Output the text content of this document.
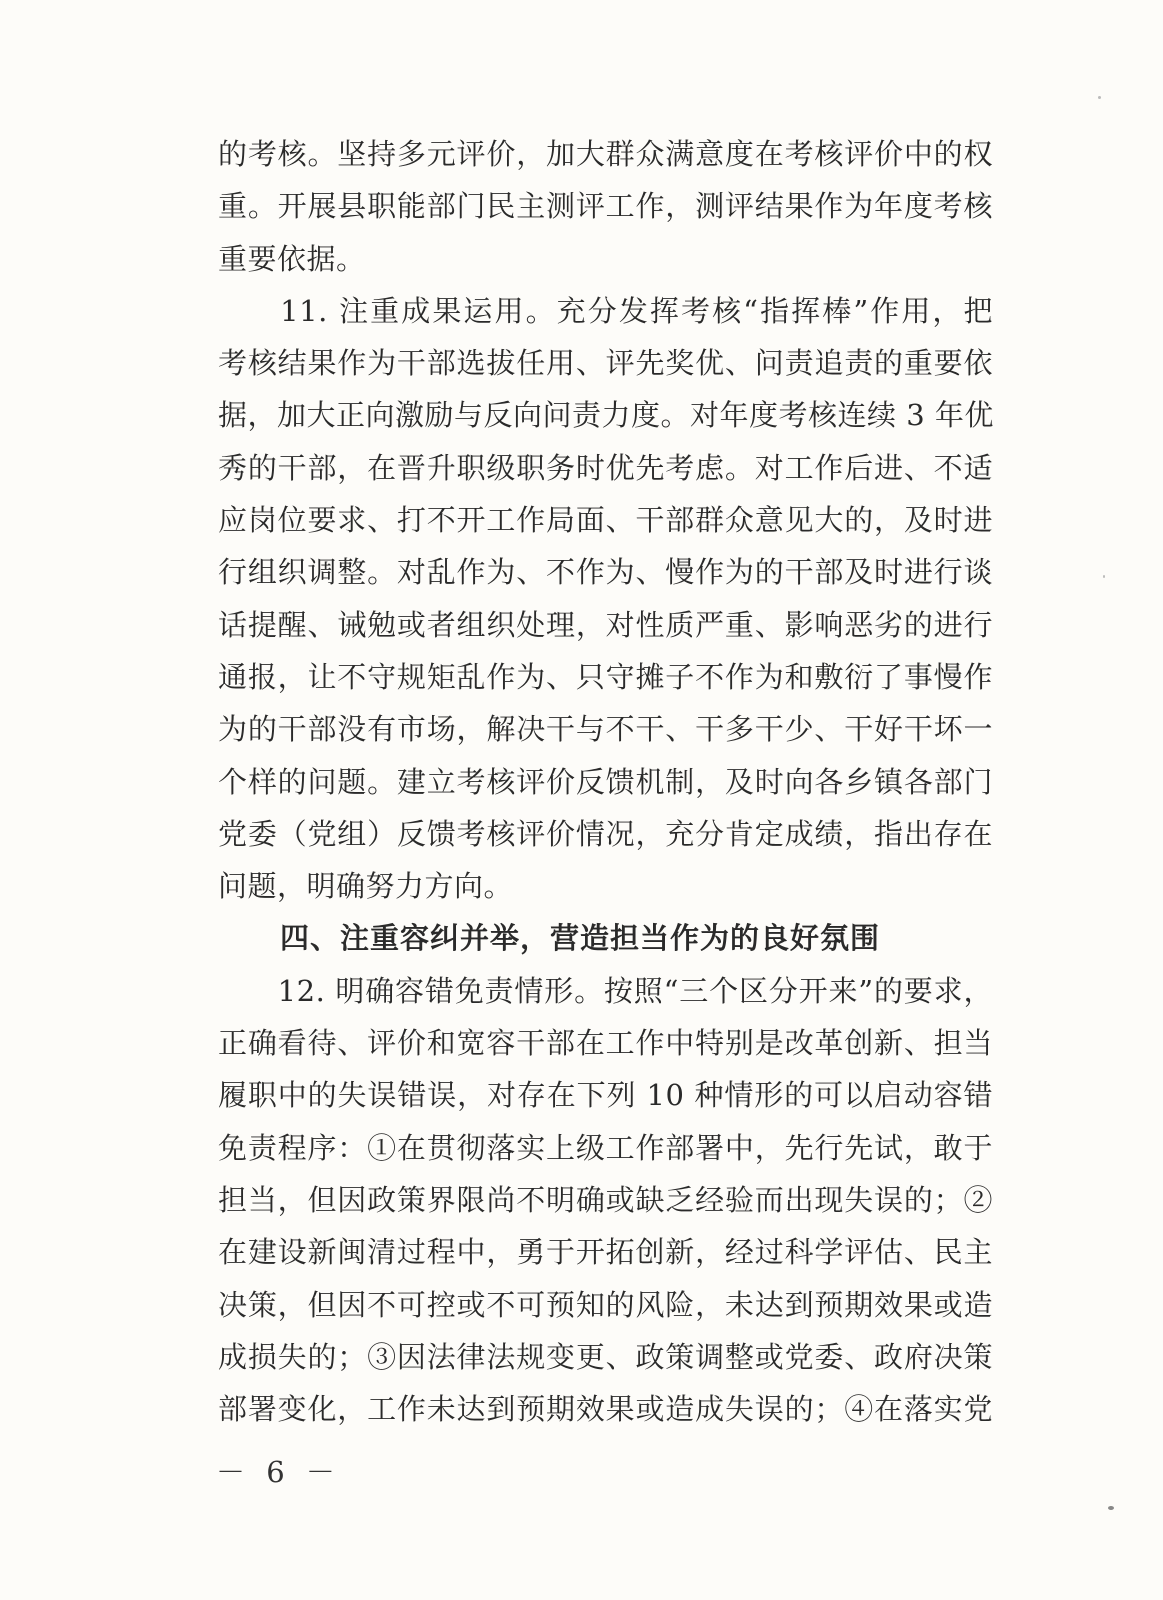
的考核。坚持多元评价，加大群众满意度在考核评价中的权
重。开展县职能部门民主测评工作，测评结果作为年度考核
重要依据。
　　11. 注重成果运用。充分发挥考核“指挥棒”作用，把
考核结果作为干部选拔任用、评先奖优、问责追责的重要依
据，加大正向激励与反向问责力度。对年度考核连续 3 年优
秀的干部，在晋升职级职务时优先考虑。对工作后进、不适
应岗位要求、打不开工作局面、干部群众意见大的，及时进
行组织调整。对乱作为、不作为、慢作为的干部及时进行谈
话提醒、诫勉或者组织处理，对性质严重、影响恶劣的进行
通报，让不守规矩乱作为、只守摊子不作为和敷衍了事慢作
为的干部没有市场，解决干与不干、干多干少、干好干坏一
个样的问题。建立考核评价反馈机制，及时向各乡镇各部门
党委（党组）反馈考核评价情况，充分肯定成绩，指出存在
问题，明确努力方向。
四、注重容纠并举，营造担当作为的良好氛围
　　12. 明确容错免责情形。按照“三个区分开来”的要求，
正确看待、评价和宽容干部在工作中特别是改革创新、担当
履职中的失误错误，对存在下列 10 种情形的可以启动容错
免责程序：①在贯彻落实上级工作部署中，先行先试，敢于
担当，但因政策界限尚不明确或缺乏经验而出现失误的；②
在建设新闽清过程中，勇于开拓创新，经过科学评估、民主
决策，但因不可控或不可预知的风险，未达到预期效果或造
成损失的；③因法律法规变更、政策调整或党委、政府决策
部署变化，工作未达到预期效果或造成失误的；④在落实党
－ 6 －
